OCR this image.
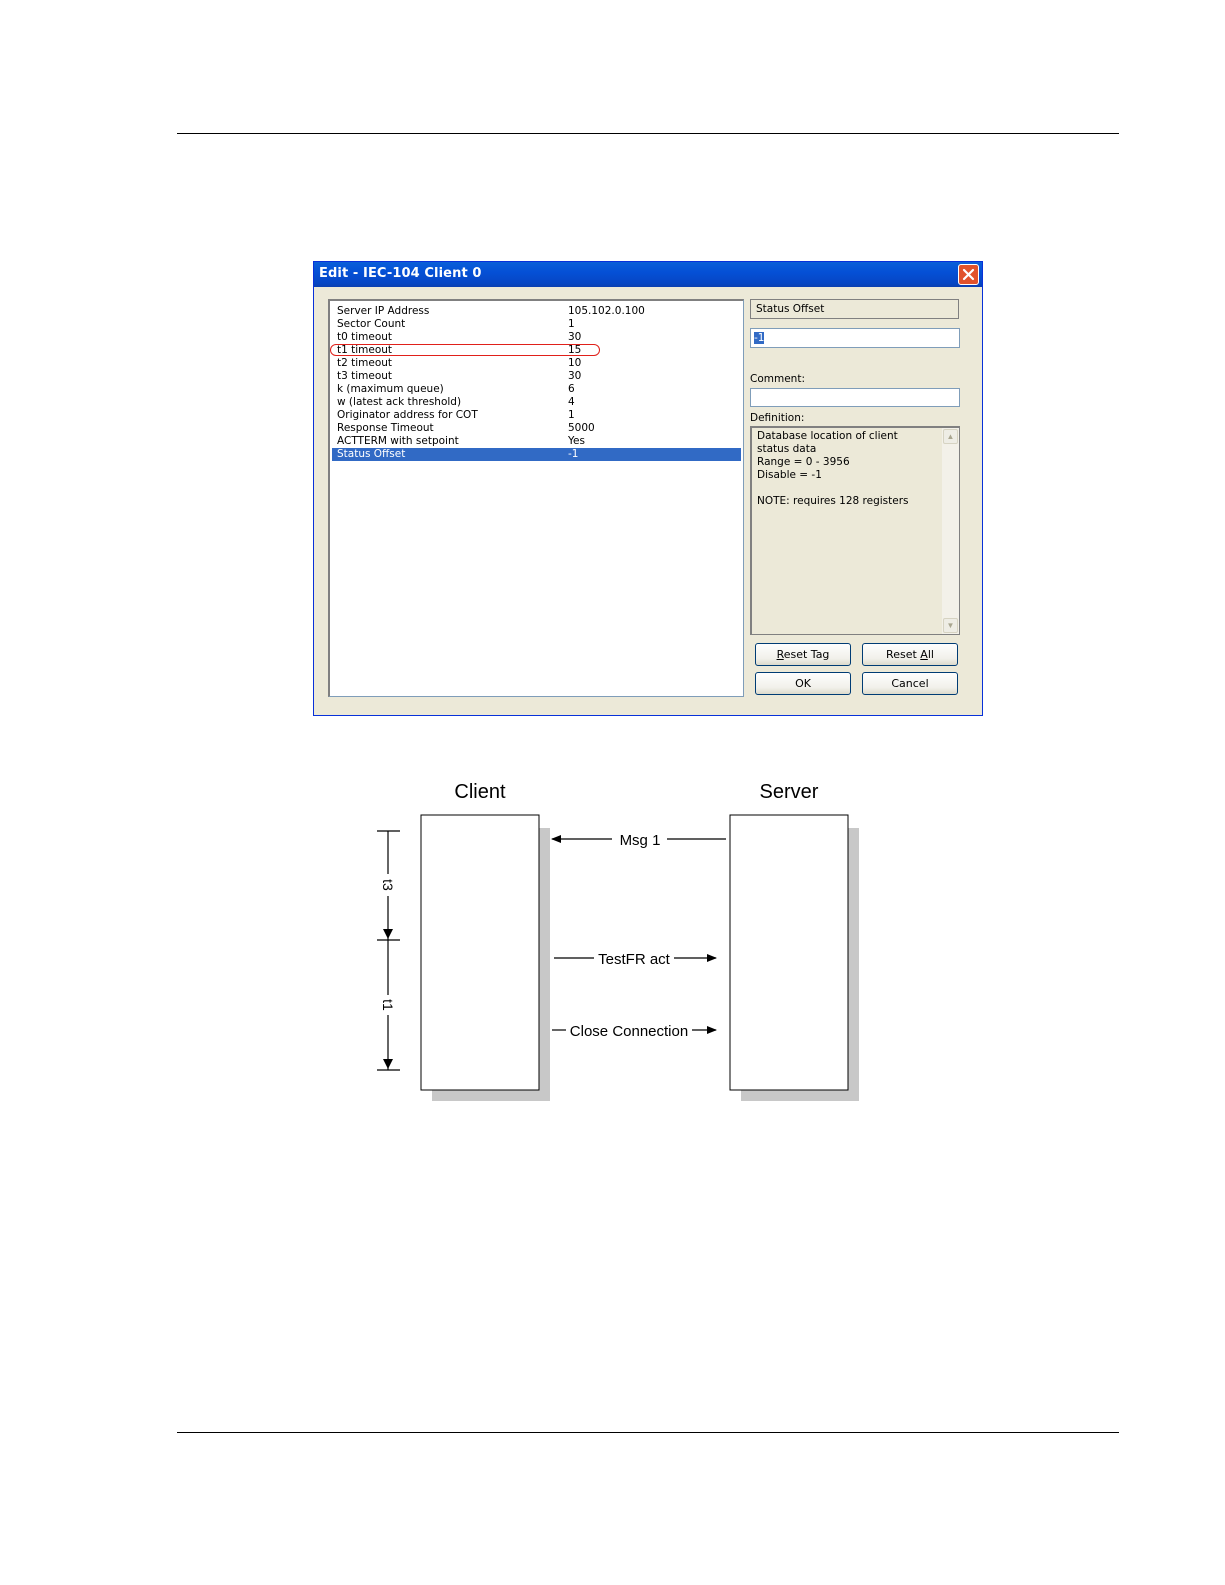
Edit - IEC-104 Client 0
Server IP Address	105.102.0.100
Sector Count	1
t0 timeout	30
t1 timeout	15
t2 timeout	10
t3 timeout	30
k (maximum queue)	6
w (latest ack threshold)	4
Originator address for COT	1
Response Timeout	5000
ACTTERM with setpoint	Yes
Status Offset	-1
Status Offset
-1
Comment:
Definition:
Database location of client
status data
Range = 0 - 3956
Disable = -1

NOTE: requires 128 registers
▲
▼
Reset Tag	Reset All
OK	Cancel
Client	Server
Msg 1
TestFR act
Close Connection
t3
t1
